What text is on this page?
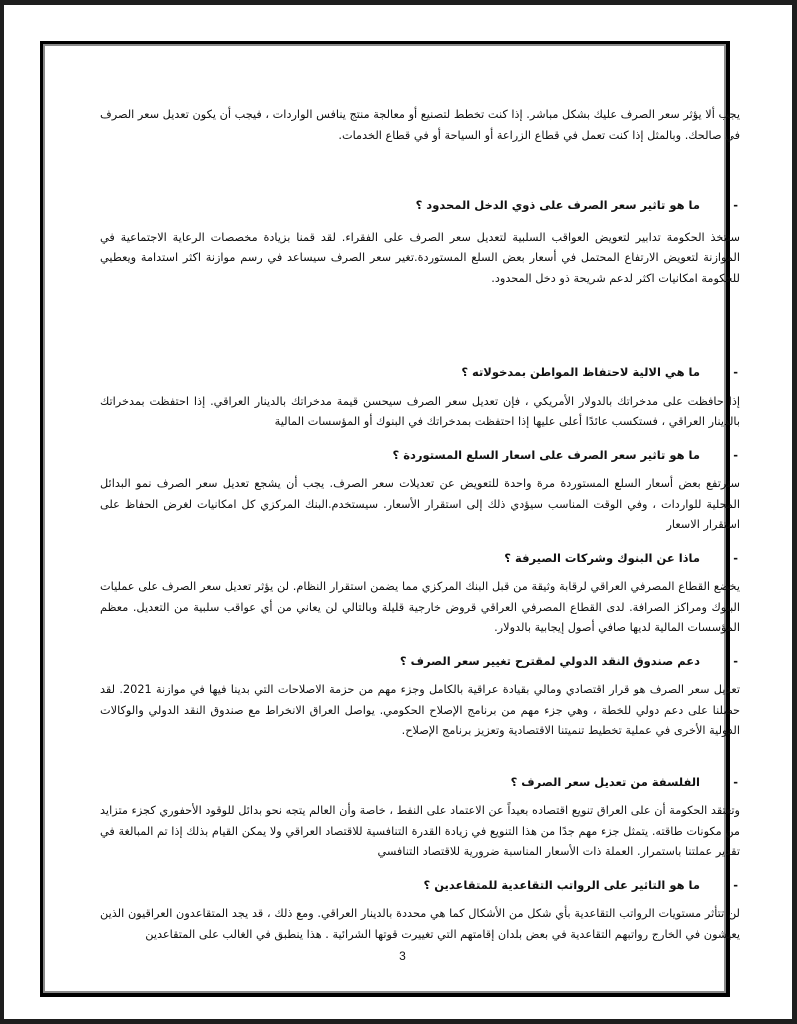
يجب ألا يؤثر سعر الصرف عليك بشكل مباشر. إذا كنت تخطط لتصنيع أو معالجة منتج ينافس الواردات ، فيجب أن يكون تعديل سعر الصرف في صالحك. وبالمثل إذا كنت تعمل في قطاع الزراعة أو السياحة أو في قطاع الخدمات.

-
ما هو تاثير سعر الصرف على ذوي الدخل المحدود ؟

ستتخذ الحكومة تدابير لتعويض العواقب السلبية لتعديل سعر الصرف على الفقراء. لقد قمنا بزيادة مخصصات الرعاية الاجتماعية في الموازنة لتعويض الارتفاع المحتمل في أسعار بعض السلع المستوردة.تغير سعر الصرف سيساعد في رسم موازنة اكثر استدامة ويعطيي للحكومة امكانيات اكثر لدعم شريحة ذو دخل المحدود.

-
ما هي الالية لاحتفاظ المواطن بمدخولاته ؟

إذا حافظت على مدخراتك بالدولار الأمريكي ، فإن تعديل سعر الصرف سيحسن قيمة مدخراتك بالدينار العراقي. إذا احتفظت بمدخراتك بالدينار العراقي ، فستكسب عائدًا أعلى عليها إذا احتفظت بمدخراتك في البنوك أو المؤسسات المالية

-
ما هو تاثير سعر الصرف على اسعار السلع المستوردة ؟

سترتفع بعض أسعار السلع المستوردة مرة واحدة للتعويض عن تعديلات سعر الصرف. يجب أن يشجع تعديل سعر الصرف نمو البدائل المحلية للواردات ، وفي الوقت المناسب سيؤدي ذلك إلى استقرار الأسعار. سيستخدم.البنك المركزي كل امكانيات لغرض الحفاظ على استقرار الاسعار

-
ماذا عن البنوك وشركات الصيرفة ؟

يخضع القطاع المصرفي العراقي لرقابة وثيقة من قبل البنك المركزي مما يضمن استقرار النظام. لن يؤثر تعديل سعر الصرف على عمليات البنوك ومراكز الصرافة. لدى القطاع المصرفي العراقي قروض خارجية قليلة وبالتالي لن يعاني من أي عواقب سلبية من التعديل. معظم المؤسسات المالية لديها صافي أصول إيجابية بالدولار.

-
دعم صندوق النقد الدولي لمقترح تغيير سعر الصرف ؟

تعديل سعر الصرف هو قرار اقتصادي ومالي بقيادة عراقية بالكامل وجزء مهم من حزمة الاصلاحات التي بدينا فيها في موازنة 2021. لقد حصلنا على دعم دولي للخطة ، وهي جزء مهم من برنامج الإصلاح الحكومي. يواصل العراق الانخراط مع صندوق النقد الدولي والوكالات الدولية الأخرى في عملية تخطيط تنميتنا الاقتصادية وتعزيز برنامج الإصلاح.

-
الفلسفة من تعديل سعر الصرف ؟

وتعتقد الحكومة أن على العراق تنويع اقتصاده بعيداً عن الاعتماد على النفط ، خاصة وأن العالم يتجه نحو بدائل للوقود الأحفوري كجزء متزايد من مكونات طاقته. يتمثل جزء مهم جدًا من هذا التنويع في زيادة القدرة التنافسية للاقتصاد العراقي ولا يمكن القيام بذلك إذا تم المبالغة في تقدير عملتنا باستمرار. العملة ذات الأسعار المناسبة ضرورية للاقتصاد التنافسي

-
ما هو التاثير على الرواتب التقاعدية للمتقاعدين ؟

لن تتأثر مستويات الرواتب التقاعدية بأي شكل من الأشكال كما هي محددة بالدينار العراقي. ومع ذلك ، قد يجد المتقاعدون العراقيون الذين يعيشون في الخارج رواتبهم التقاعدية في بعض بلدان إقامتهم التي تغييرت قوتها الشرائية . هذا ينطبق في الغالب على المتقاعدين

3
